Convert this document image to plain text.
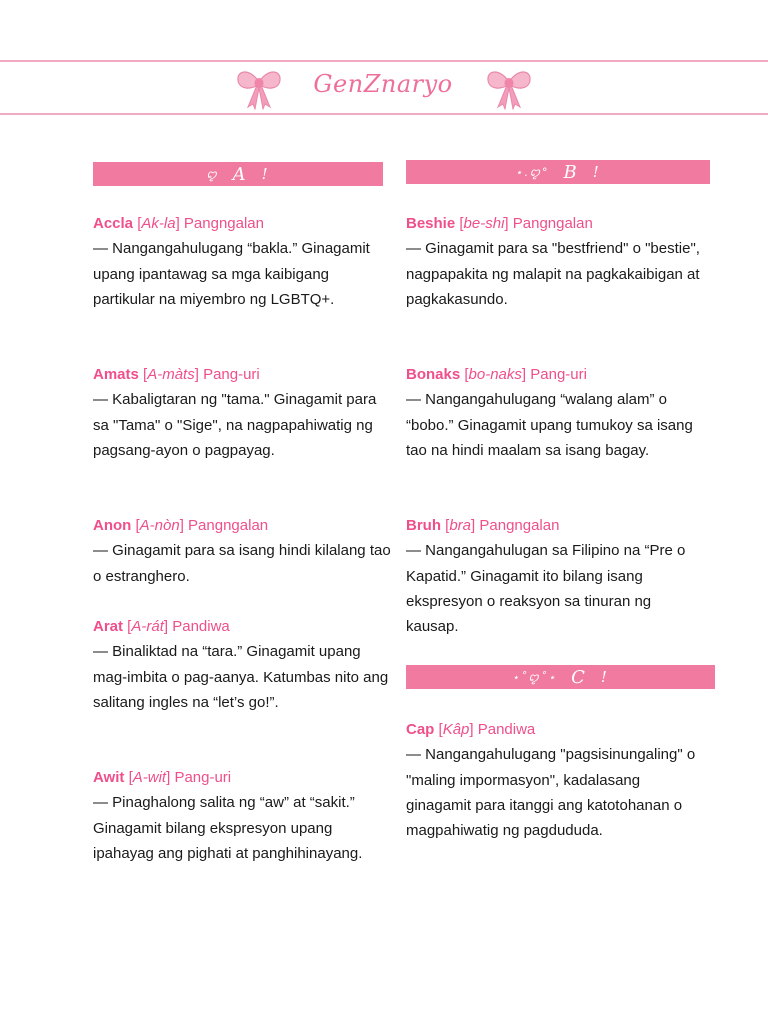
GenZnaryo
ꨄ︎ A !	⋆.ꨄ︎° B !
⋆˚ꨄ︎˚⋆ C !
Accla [Ak-la] Pangngalan
— Nangangahulugang “bakla.” Ginagamit upang ipantawag sa mga kaibigang partikular na miyembro ng LGBTQ+.
Amats [A-màts] Pang-uri
— Kabaligtaran ng "tama." Ginagamit para sa "Tama" o "Sige", na nagpapahiwatig ng pagsang-ayon o pagpayag.
Anon [A-nòn] Pangngalan
— Ginagamit para sa isang hindi kilalang tao o estranghero.
Arat [A-rát] Pandiwa
— Binaliktad na “tara.” Ginagamit upang mag-imbita o pag-aanya. Katumbas nito ang salitang ingles na “let’s go!”.
Awit [A-wit] Pang-uri
— Pinaghalong salita ng “aw” at “sakit.” Ginagamit bilang ekspresyon upang ipahayag ang pighati at panghihinayang.
Beshie [be-shi] Pangngalan
— Ginagamit para sa "bestfriend" o "bestie", nagpapakita ng malapit na pagkakaibigan at pagkakasundo.
Bonaks [bo-naks] Pang-uri
— Nangangahulugang “walang alam” o “bobo.” Ginagamit upang tumukoy sa isang tao na hindi maalam sa isang bagay.
Bruh [bra] Pangngalan
— Nangangahulugan sa Filipino na “Pre o Kapatid.” Ginagamit ito bilang isang ekspresyon o reaksyon sa tinuran ng kausap.
Cap [Kâp] Pandiwa
— Nangangahulugang "pagsisinungaling" o "maling impormasyon", kadalasang ginagamit para itanggi ang katotohanan o magpahiwatig ng pagdududa.
